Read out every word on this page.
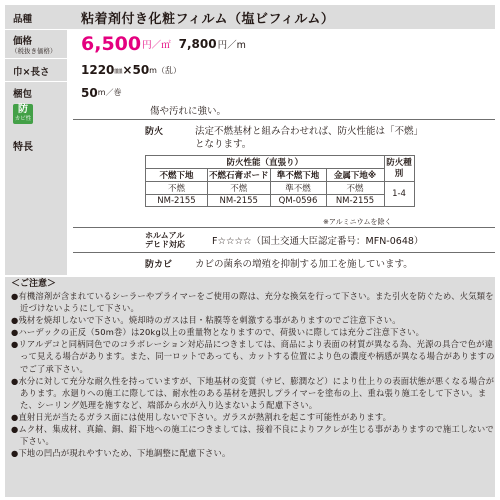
品種	粘着剤付き化粧フィルム（塩ビフィルム）
価格
（税抜き価格） 6,500 円／㎡ 7,800 円／m
巾×長さ	1220 ㎜ × 50 m （乱）
梱包	50 m／巻
防
カビ性
特長
傷や汚れに強い。
防火	法定不燃基材と組み合わせれば、防火性能は「不燃」
となります。
防火性能（直張り）				防火種別
不燃下地	不燃石膏ボード	準不燃下地	金属下地※	
不燃	不燃	準不燃	不燃	1-4
NM-2155	NM-2155	QM-0596	NM-2155	
※アルミニウムを除く
ホルムアル
デヒド対応	F☆☆☆☆（国土交通大臣認定番号：MFN-0648）
防カビ カビの菌糸の増殖を抑制する加工を施しています。
＜ご注意＞
●有機溶剤が含まれているシーラーやプライマーをご使用の際は、充分な換気を行って下さい。また引火を防ぐため、火気類を近づけないようにして下さい。
●残材を焼却しないで下さい。焼却時のガスは目・粘膜等を刺激する事がありますのでご注意下さい。
●ハーデックの正反（50m巻）は20kg以上の重量物となりますので、荷扱いに際しては充分ご注意下さい。
●リアルデコと同柄同色でのコラボレーション対応品につきましては、商品により表面の材質が異なる為、光源の具合で色が違って見える場合があります。また、同一ロットであっても、カットする位置により色の濃度や柄感が異なる場合がありますのでご了承下さい。
●水分に対して充分な耐久性を持っていますが、下地基材の変質（サビ、膨潤など）により仕上りの表面状態が悪くなる場合があります。水廻りへの施工に際しては、耐水性のある基材を選択しプライマーを塗布の上、重ね張り施工をして下さい。また、シーリング処理を施すなど、端部から水が入り込まないよう配慮下さい。
●直射日光が当たるガラス面には使用しないで下さい。ガラスが熱割れを起こす可能性があります。
●ムク材、集成材、真鍮、銅、鉛下地への施工につきましては、接着不良によりフクレが生じる事がありますので施工しないで下さい。
●下地の凹凸が現れやすいため、下地調整に配慮下さい。
